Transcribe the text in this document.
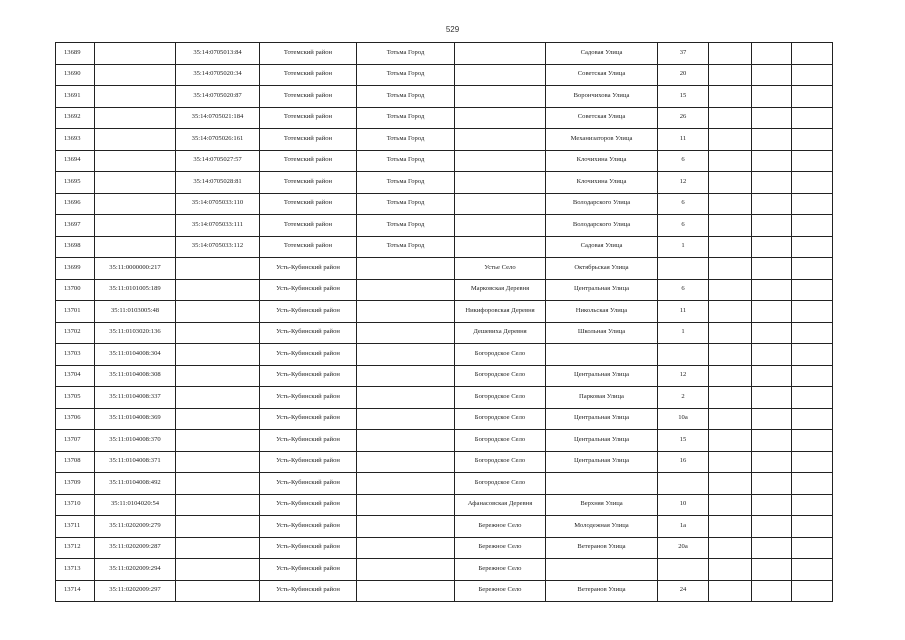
529
13689		35:14:0705013:84	Тотемский район	Тотьма Город		Садовая Улица	37			
13690		35:14:0705020:34	Тотемский район	Тотьма Город		Советская Улица	20			
13691		35:14:0705020:87	Тотемский район	Тотьма Город		Ворончихова Улица	15			
13692		35:14:0705021:184	Тотемский район	Тотьма Город		Советская Улица	26			
13693		35:14:0705026:161	Тотемский район	Тотьма Город		Механизаторов Улица	11			
13694		35:14:0705027:57	Тотемский район	Тотьма Город		Клочихина Улица	6			
13695		35:14:0705028:81	Тотемский район	Тотьма Город		Клочихина Улица	12			
13696		35:14:0705033:110	Тотемский район	Тотьма Город		Володарского Улица	6			
13697		35:14:0705033:111	Тотемский район	Тотьма Город		Володарского Улица	6			
13698		35:14:0705033:112	Тотемский район	Тотьма Город		Садовая Улица	1			
13699	35:11:0000000:217		Усть-Кубинский район		Устье Село	Октябрьская Улица				
13700	35:11:0101005:189		Усть-Кубинский район		Марковская Деревня	Центральная Улица	6			
13701	35:11:0103005:48		Усть-Кубинский район		Никифоровская Деревня	Никольская Улица	11			
13702	35:11:0103020:136		Усть-Кубинский район		Дешевиха Деревня	Школьная Улица	1			
13703	35:11:0104008:304		Усть-Кубинский район		Богородское Село					
13704	35:11:0104008:308		Усть-Кубинский район		Богородское Село	Центральная Улица	12			
13705	35:11:0104008:337		Усть-Кубинский район		Богородское Село	Парковая Улица	2			
13706	35:11:0104008:369		Усть-Кубинский район		Богородское Село	Центральная Улица	10а			
13707	35:11:0104008:370		Усть-Кубинский район		Богородское Село	Центральная Улица	15			
13708	35:11:0104008:371		Усть-Кубинский район		Богородское Село	Центральная Улица	16			
13709	35:11:0104008:492		Усть-Кубинский район		Богородское Село					
13710	35:11:0104020:54		Усть-Кубинский район		Афанасовская Деревня	Верхняя Улица	10			
13711	35:11:0202009:279		Усть-Кубинский район		Бережное Село	Молодежная Улица	1а			
13712	35:11:0202009:287		Усть-Кубинский район		Бережное Село	Ветеранов Улица	20а			
13713	35:11:0202009:294		Усть-Кубинский район		Бережное Село					
13714	35:11:0202009:297		Усть-Кубинский район		Бережное Село	Ветеранов Улица	24			
